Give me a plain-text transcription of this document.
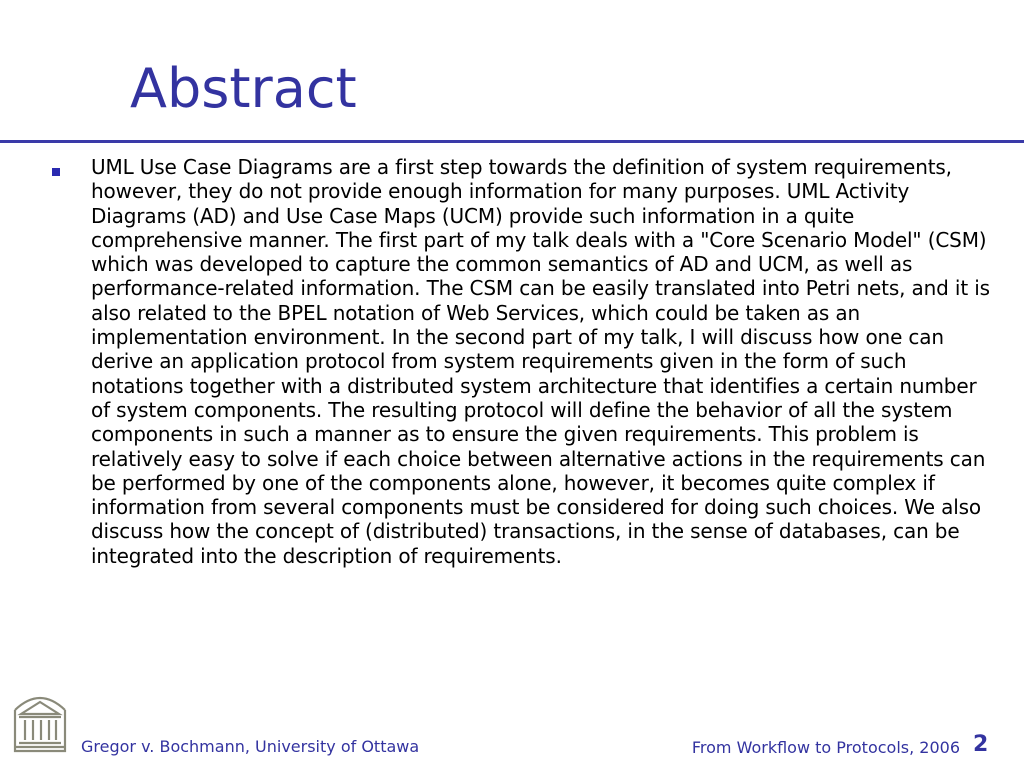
Abstract

UML Use Case Diagrams are a first step towards the definition of system requirements, however, they do not provide enough information for many purposes. UML Activity Diagrams (AD) and Use Case Maps (UCM) provide such information in a quite comprehensive manner. The first part of my talk deals with a "Core Scenario Model" (CSM) which was developed to capture the common semantics of AD and UCM, as well as performance-related information. The CSM can be easily translated into Petri nets, and it is also related to the BPEL notation of Web Services, which could be taken as an implementation environment. In the second part of my talk, I will discuss how one can derive an application protocol from system requirements given in the form of such notations together with a distributed system architecture that identifies a certain number of system components. The resulting protocol will define the behavior of all the system components in such a manner as to ensure the given requirements. This problem is relatively easy to solve if each choice between alternative actions in the requirements can be performed by one of the components alone, however, it becomes quite complex if information from several components must be considered for doing such choices. We also discuss how the concept of (distributed) transactions, in the sense of databases, can be integrated into the description of requirements.

Gregor v. Bochmann, University of Ottawa	From Workflow to Protocols, 2006 2
